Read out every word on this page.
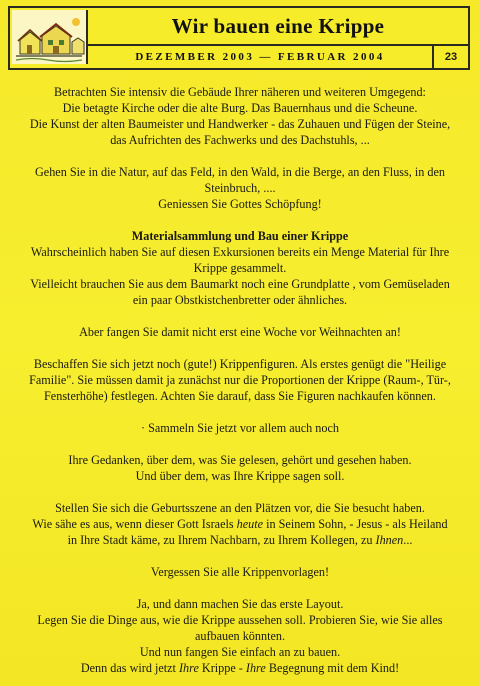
Wir bauen eine Krippe
DEZEMBER 2003 — FEBRUAR 2004	23

Betrachten Sie intensiv die Gebäude Ihrer näheren und weiteren Umgegend:

Die betagte Kirche oder die alte Burg. Das Bauernhaus und die Scheune.

Die Kunst der alten Baumeister und Handwerker - das Zuhauen und Fügen der Steine,

das Aufrichten des Fachwerks und des Dachstuhls, ...

Gehen Sie in die Natur, auf das Feld, in den Wald, in die Berge, an den Fluss, in den

Steinbruch, ....

Geniessen Sie Gottes Schöpfung!

Materialsammlung und Bau einer Krippe

Wahrscheinlich haben Sie auf diesen Exkursionen bereits ein Menge Material für Ihre

Krippe gesammelt.

Vielleicht brauchen Sie aus dem Baumarkt noch eine Grundplatte , vom Gemüseladen

ein paar Obstkistchenbretter oder ähnliches.

Aber fangen Sie damit nicht erst eine Woche vor Weihnachten an!

Beschaffen Sie sich jetzt noch (gute!) Krippenfiguren. Als erstes genügt die "Heilige

Familie". Sie müssen damit ja zunächst nur die Proportionen der Krippe (Raum-, Tür-,

Fensterhöhe) festlegen. Achten Sie darauf, dass Sie Figuren nachkaufen können.

· Sammeln Sie jetzt vor allem auch noch

Ihre Gedanken, über dem, was Sie gelesen, gehört und gesehen haben.

Und über dem, was Ihre Krippe sagen soll.

Stellen Sie sich die Geburtsszene an den Plätzen vor, die Sie besucht haben.

Wie sähe es aus, wenn dieser Gott Israels heute in Seinem Sohn, - Jesus - als Heiland

in Ihre Stadt käme, zu Ihrem Nachbarn, zu Ihrem Kollegen, zu Ihnen...

Vergessen Sie alle Krippenvorlagen!

Ja, und dann machen Sie das erste Layout.

Legen Sie die Dinge aus, wie die Krippe aussehen soll. Probieren Sie, wie Sie alles

aufbauen könnten.

Und nun fangen Sie einfach an zu bauen.

Denn das wird jetzt Ihre Krippe - Ihre Begegnung mit dem Kind!
